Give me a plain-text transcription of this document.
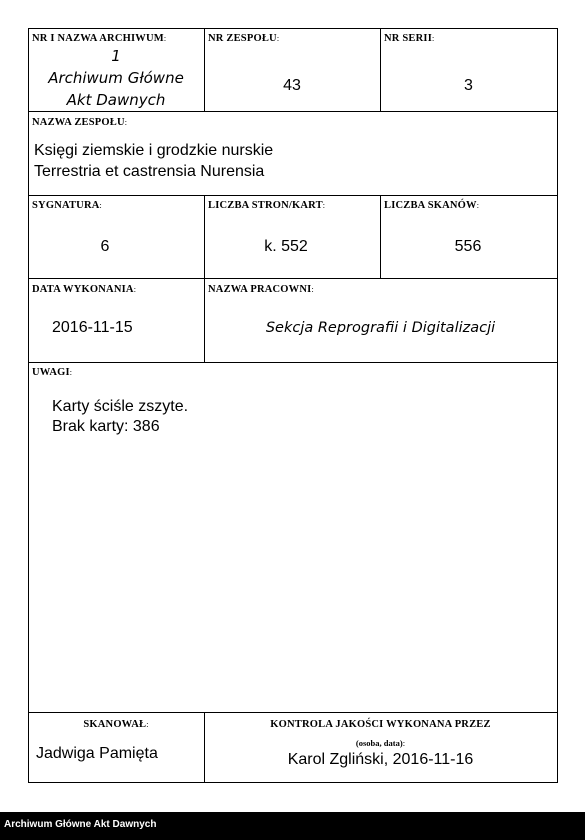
NR I NAZWA ARCHIWUM:
1
Archiwum Główne
Akt Dawnych
NR ZESPOŁU:
43
NR SERII:
3
NAZWA ZESPOŁU:
Księgi ziemskie i grodzkie nurskie
Terrestria et castrensia Nurensia
SYGNATURA:
6
LICZBA STRON/KART:
k. 552
LICZBA SKANÓW:
556
DATA WYKONANIA:
2016-11-15
NAZWA PRACOWNI:
Sekcja Reprografii i Digitalizacji
UWAGI:
Karty ściśle zszyte.
Brak karty: 386
SKANOWAŁ:
Jadwiga Pamięta
KONTROLA JAKOŚCI WYKONANA PRZEZ
(osoba, data):
Karol Zgliński, 2016-11-16
Archiwum Główne Akt Dawnych
